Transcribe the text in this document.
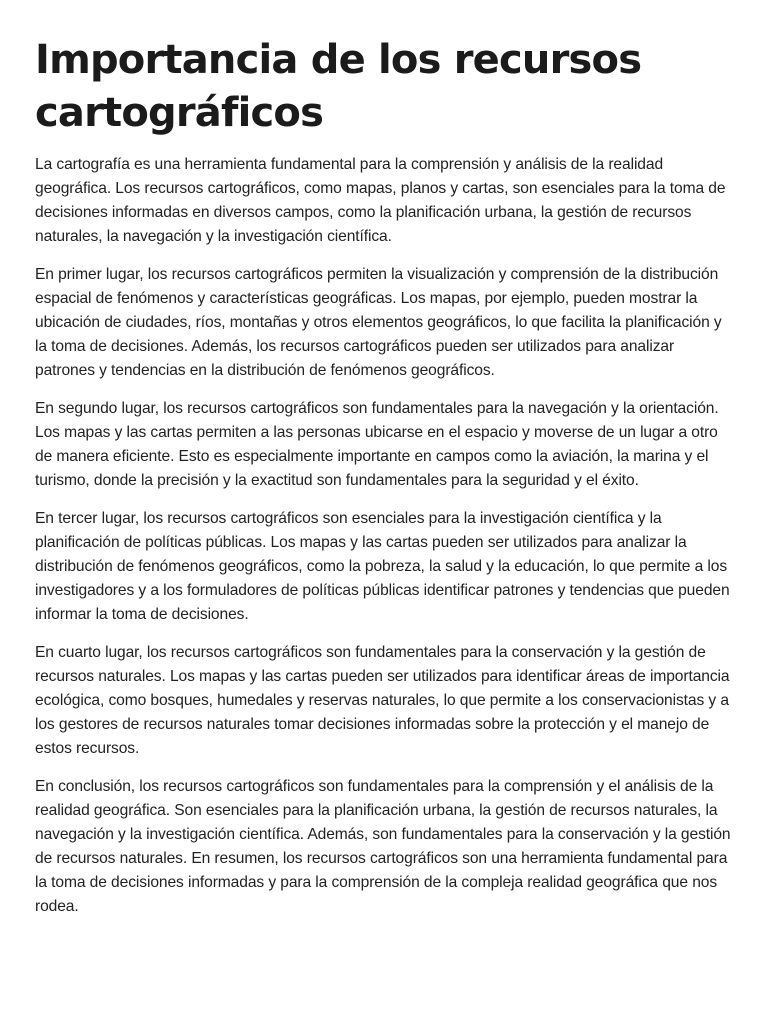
Importancia de los recursos cartográficos

La cartografía es una herramienta fundamental para la comprensión y análisis de la realidad geográfica. Los recursos cartográficos, como mapas, planos y cartas, son esenciales para la toma de decisiones informadas en diversos campos, como la planificación urbana, la gestión de recursos naturales, la navegación y la investigación científica.

En primer lugar, los recursos cartográficos permiten la visualización y comprensión de la distribución espacial de fenómenos y características geográficas. Los mapas, por ejemplo, pueden mostrar la ubicación de ciudades, ríos, montañas y otros elementos geográficos, lo que facilita la planificación y la toma de decisiones. Además, los recursos cartográficos pueden ser utilizados para analizar patrones y tendencias en la distribución de fenómenos geográficos.

En segundo lugar, los recursos cartográficos son fundamentales para la navegación y la orientación. Los mapas y las cartas permiten a las personas ubicarse en el espacio y moverse de un lugar a otro de manera eficiente. Esto es especialmente importante en campos como la aviación, la marina y el turismo, donde la precisión y la exactitud son fundamentales para la seguridad y el éxito.

En tercer lugar, los recursos cartográficos son esenciales para la investigación científica y la planificación de políticas públicas. Los mapas y las cartas pueden ser utilizados para analizar la distribución de fenómenos geográficos, como la pobreza, la salud y la educación, lo que permite a los investigadores y a los formuladores de políticas públicas identificar patrones y tendencias que pueden informar la toma de decisiones.

En cuarto lugar, los recursos cartográficos son fundamentales para la conservación y la gestión de recursos naturales. Los mapas y las cartas pueden ser utilizados para identificar áreas de importancia ecológica, como bosques, humedales y reservas naturales, lo que permite a los conservacionistas y a los gestores de recursos naturales tomar decisiones informadas sobre la protección y el manejo de estos recursos.

En conclusión, los recursos cartográficos son fundamentales para la comprensión y el análisis de la realidad geográfica. Son esenciales para la planificación urbana, la gestión de recursos naturales, la navegación y la investigación científica. Además, son fundamentales para la conservación y la gestión de recursos naturales. En resumen, los recursos cartográficos son una herramienta fundamental para la toma de decisiones informadas y para la comprensión de la compleja realidad geográfica que nos rodea.
